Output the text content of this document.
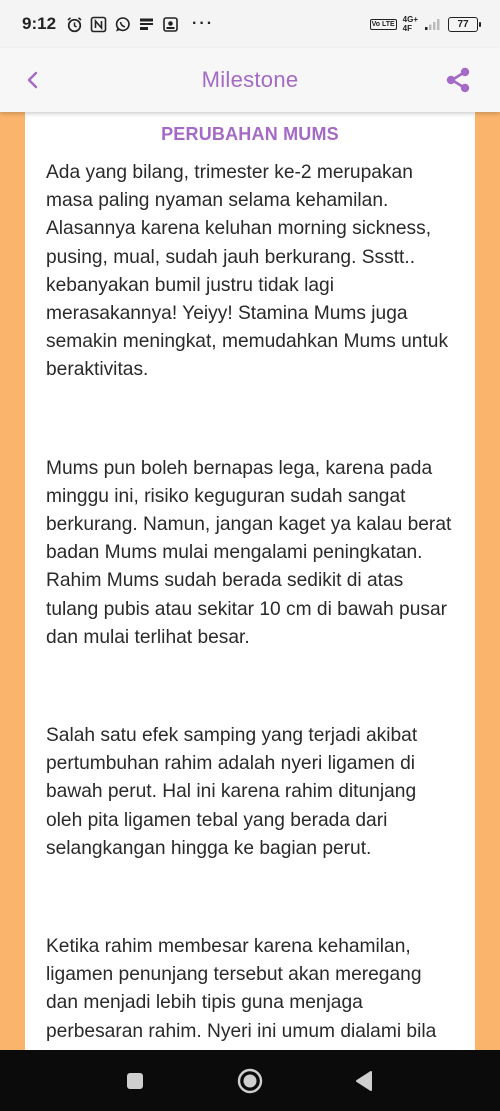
9:12	···	Vo LTE 4G+
4F	77
Milestone
PERUBAHAN MUMS

Ada yang bilang, trimester ke-2 merupakan masa paling nyaman selama kehamilan. Alasannya karena keluhan morning sickness, pusing, mual, sudah jauh berkurang. Ssstt.. kebanyakan bumil justru tidak lagi merasakannya! Yeiyy! Stamina Mums juga semakin meningkat, memudahkan Mums untuk beraktivitas.

Mums pun boleh bernapas lega, karena pada minggu ini, risiko keguguran sudah sangat berkurang. Namun, jangan kaget ya kalau berat badan Mums mulai mengalami peningkatan. Rahim Mums sudah berada sedikit di atas tulang pubis atau sekitar 10 cm di bawah pusar dan mulai terlihat besar.

Salah satu efek samping yang terjadi akibat pertumbuhan rahim adalah nyeri ligamen di bawah perut. Hal ini karena rahim ditunjang oleh pita ligamen tebal yang berada dari selangkangan hingga ke bagian perut.

Ketika rahim membesar karena kehamilan, ligamen penunjang tersebut akan meregang dan menjadi lebih tipis guna menjaga perbesaran rahim. Nyeri ini umum dialami bila
